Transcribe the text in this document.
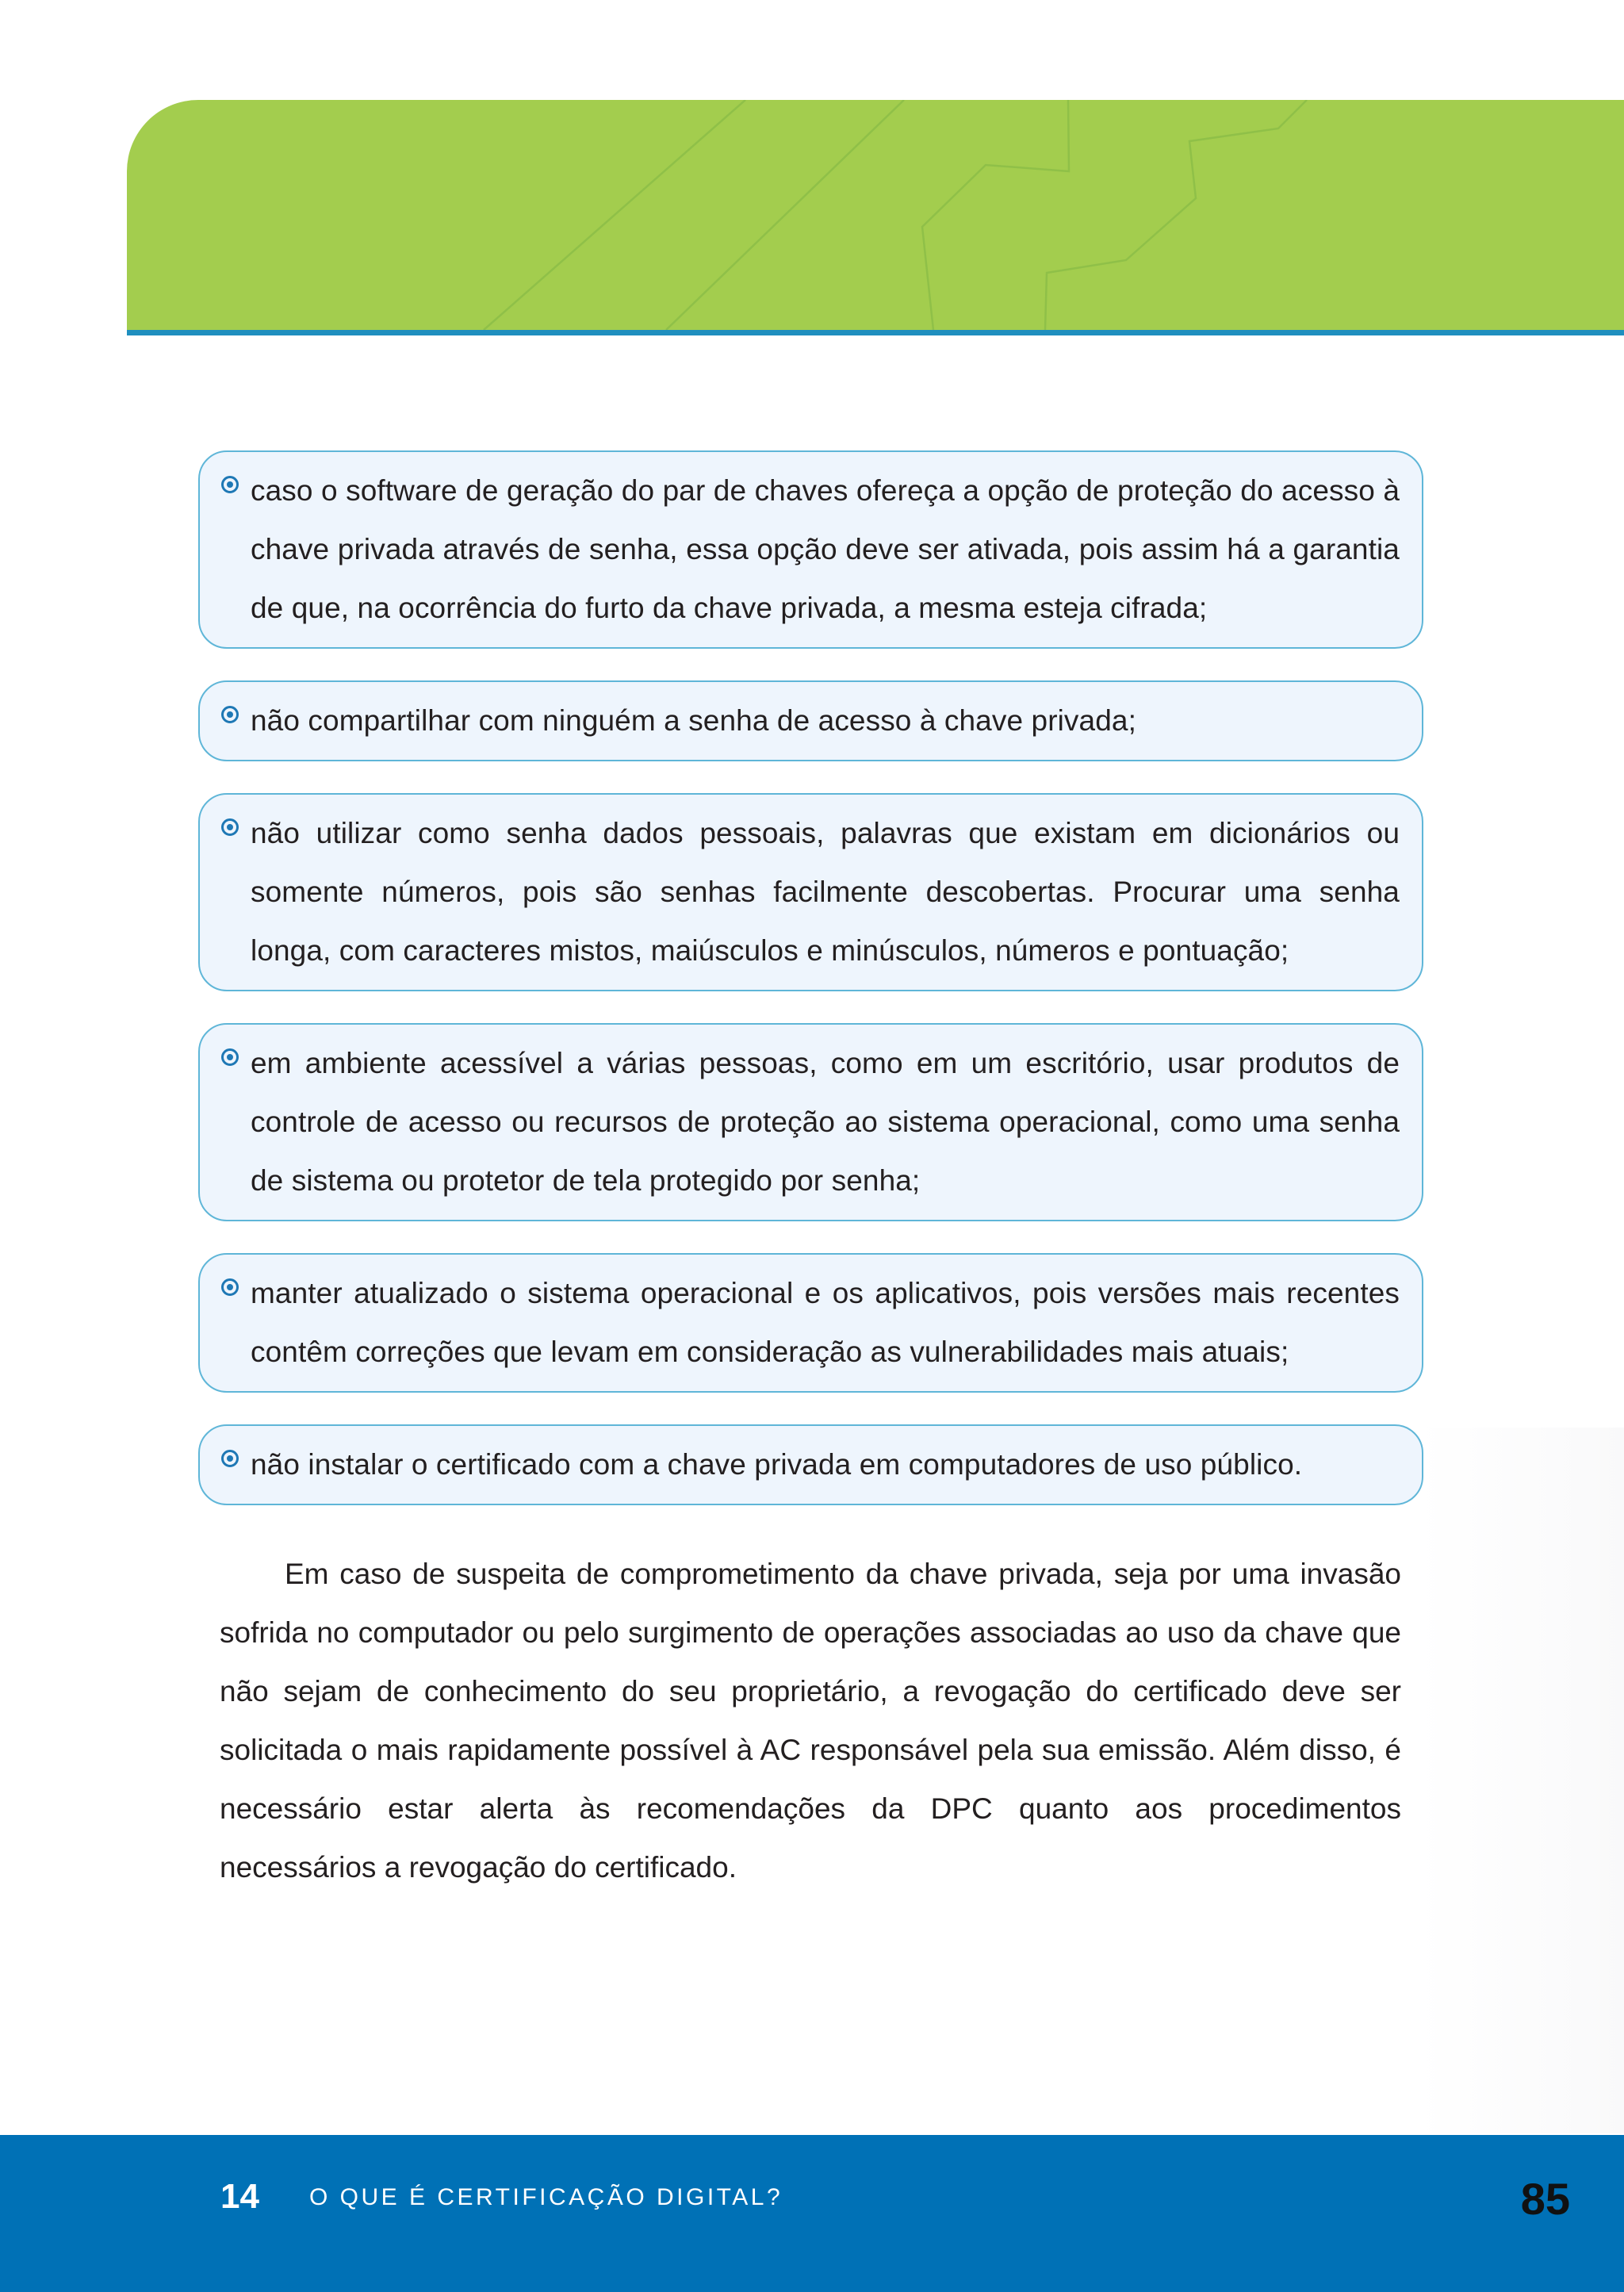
caso o software de geração do par de chaves ofereça a opção de proteção do acesso à chave privada através de senha, essa opção deve ser ativada, pois assim há a garantia de que, na ocorrência do furto da chave privada, a mesma esteja cifrada;
não compartilhar com ninguém a senha de acesso à chave privada;
não utilizar como senha dados pessoais, palavras que existam em dicionários ou somente números, pois são senhas facilmente descobertas. Procurar uma senha longa, com caracteres mistos, maiúsculos e minúsculos, números e pontuação;
em ambiente acessível a várias pessoas, como em um escritório, usar produtos de controle de acesso ou recursos de proteção ao sistema operacional, como uma senha de sistema ou protetor de tela protegido por senha;
manter atualizado o sistema operacional e os aplicativos, pois versões mais recentes contêm correções que levam em consideração as vulnerabilidades mais atuais;
não instalar o certificado com a chave privada em computadores de uso público.

Em caso de suspeita de comprometimento da chave privada, seja por uma invasão sofrida no computador ou pelo surgimento de operações associadas ao uso da chave que não sejam de conhecimento do seu proprietário, a revogação do certificado deve ser solicitada o mais rapidamente possível à AC responsável pela sua emissão. Além disso, é necessário estar alerta às recomendações da DPC quanto aos procedimentos necessários a revogação do certificado.

14 O QUE É CERTIFICAÇÃO DIGITAL?	85
